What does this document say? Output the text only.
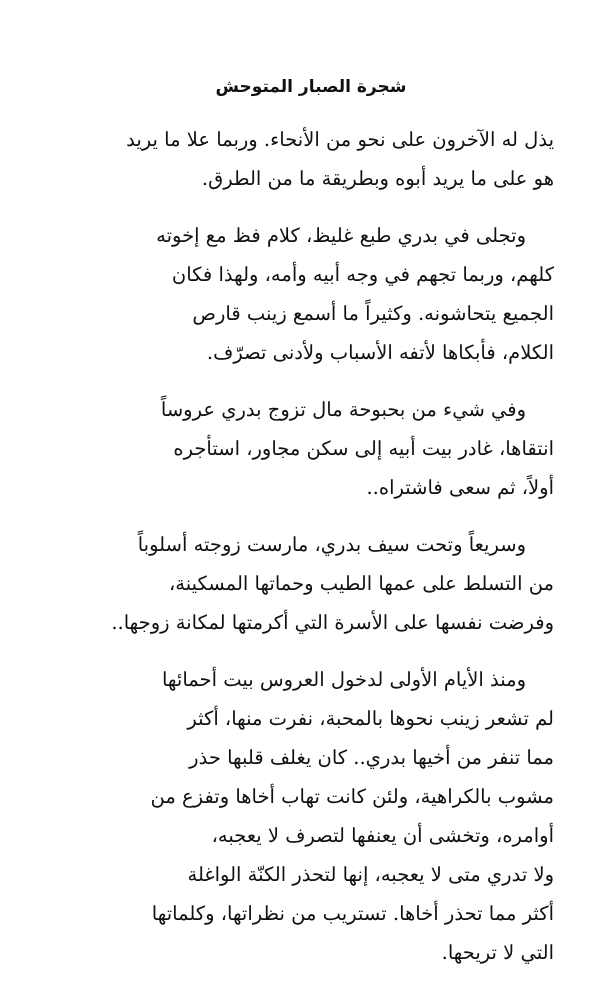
شجرة الصبار المتوحش
يذل له الآخرون على نحو من الأنحاء. وربما علا ما يريد
هو على ما يريد أبوه وبطريقة ما من الطرق.
وتجلى في بدري طبع غليظ، كلام فظ مع إخوته
كلهم، وربما تجهم في وجه أبيه وأمه، ولهذا فكان
الجميع يتحاشونه. وكثيراً ما أسمع زينب قارص
الكلام، فأبكاها لأتفه الأسباب ولأدنى تصرّف.
وفي شيء من بحبوحة مال تزوج بدري عروساً
انتقاها، غادر بيت أبيه إلى سكن مجاور، استأجره
أولاً، ثم سعى فاشتراه..
وسريعاً وتحت سيف بدري، مارست زوجته أسلوباً
من التسلط على عمها الطيب وحماتها المسكينة،
وفرضت نفسها على الأسرة التي أكرمتها لمكانة زوجها..
ومنذ الأيام الأولى لدخول العروس بيت أحمائها
لم تشعر زينب نحوها بالمحبة، نفرت منها، أكثر
مما تنفر من أخيها بدري.. كان يغلف قلبها حذر
مشوب بالكراهية، ولئن كانت تهاب أخاها وتفزع من
أوامره، وتخشى أن يعنفها لتصرف لا يعجبه،
ولا تدري متى لا يعجبه، إنها لتحذر الكنّة الواغلة
أكثر مما تحذر أخاها. تستريب من نظراتها، وكلماتها
التي لا تريحها.
